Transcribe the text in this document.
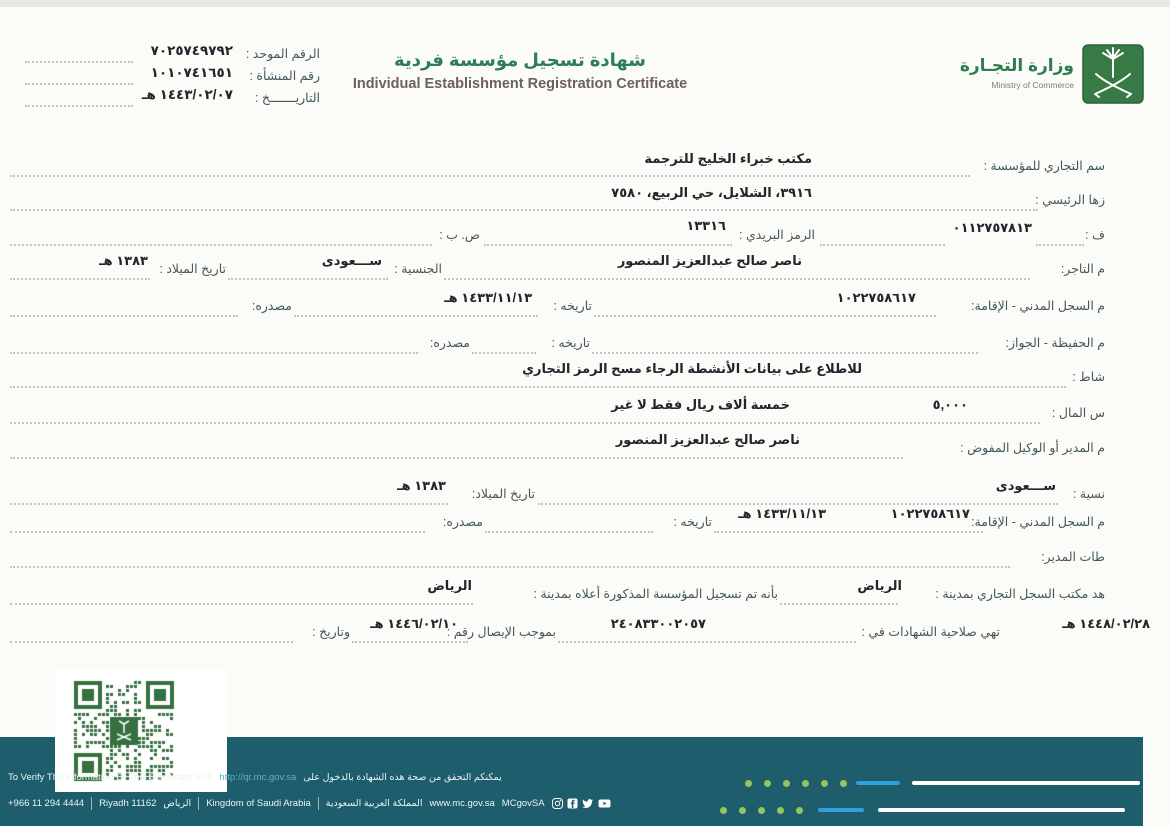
وزارة التجـارة
Ministry of Commerce
شهادة تسجيل مؤسسة فردية
Individual Establishment Registration Certificate
الرقم الموحد :
٧٠٢٥٧٤٩٧٩٢
رقم المنشأة :
١٠١٠٧٤١٦٥١
التاريـــــــخ :
١٤٤٣/٠٢/٠٧ هـ
سم التجاري للمؤسسة :
مكتب خبراء الخليج للترجمة
زها الرئيسي :
٣٩١٦، الشلايل، حي الربيع، ٧٥٨٠
ف :
٠١١٢٧٥٧٨١٣
الرمز البريدي :
١٣٣١٦
ص. ب :
م التاجر:
ناصر صالح عبدالعزيز المنصور
الجنسية :
ســـعودى
تاريخ الميلاد :
١٣٨٣ هـ
م السجل المدني - الإقامة:
١٠٢٢٧٥٨٦١٧
تاريخه :
١٤٣٣/١١/١٣ هـ
مصدره:
م الحفيظة - الجواز:
تاريخه :
مصدره:
شاط :
للاطلاع على بيانات الأنشطة الرجاء مسح الرمز التجاري
س المال :
٥,٠٠٠
خمسة ألاف ريال فقط لا غير
م المدير أو الوكيل المفوض :
ناصر صالح عبدالعزيز المنصور
نسية :
ســـعودى
تاريخ الميلاد:
١٣٨٣ هـ
م السجل المدني - الإقامة:
١٠٢٢٧٥٨٦١٧
تاريخه :
١٤٣٣/١١/١٣ هـ
مصدره:
طات المدير:
هد مكتب السجل التجاري بمدينة :
الرياض
بأنه تم تسجيل المؤسسة المذكورة أعلاه بمدينة :
الرياض
تهي صلاحية الشهادات في :
١٤٤٨/٠٢/٢٨ هـ
بموجب الإيصال رقم :
٢٤٠٨٣٣٠٠٢٠٥٧
وتاريخ :
١٤٤٦/٠٢/١٠ هـ
To Verify The Information Of This Certificate Visit http://qr.mc.gov.sa يمكنكم التحقق من صحة هذه الشهادة بالدخول على
+966 11 294 4444 Riyadh 11162 الرياض Kingdom of Saudi Arabia المملكة العربية السعودية www.mc.gov.sa MCgovSA
